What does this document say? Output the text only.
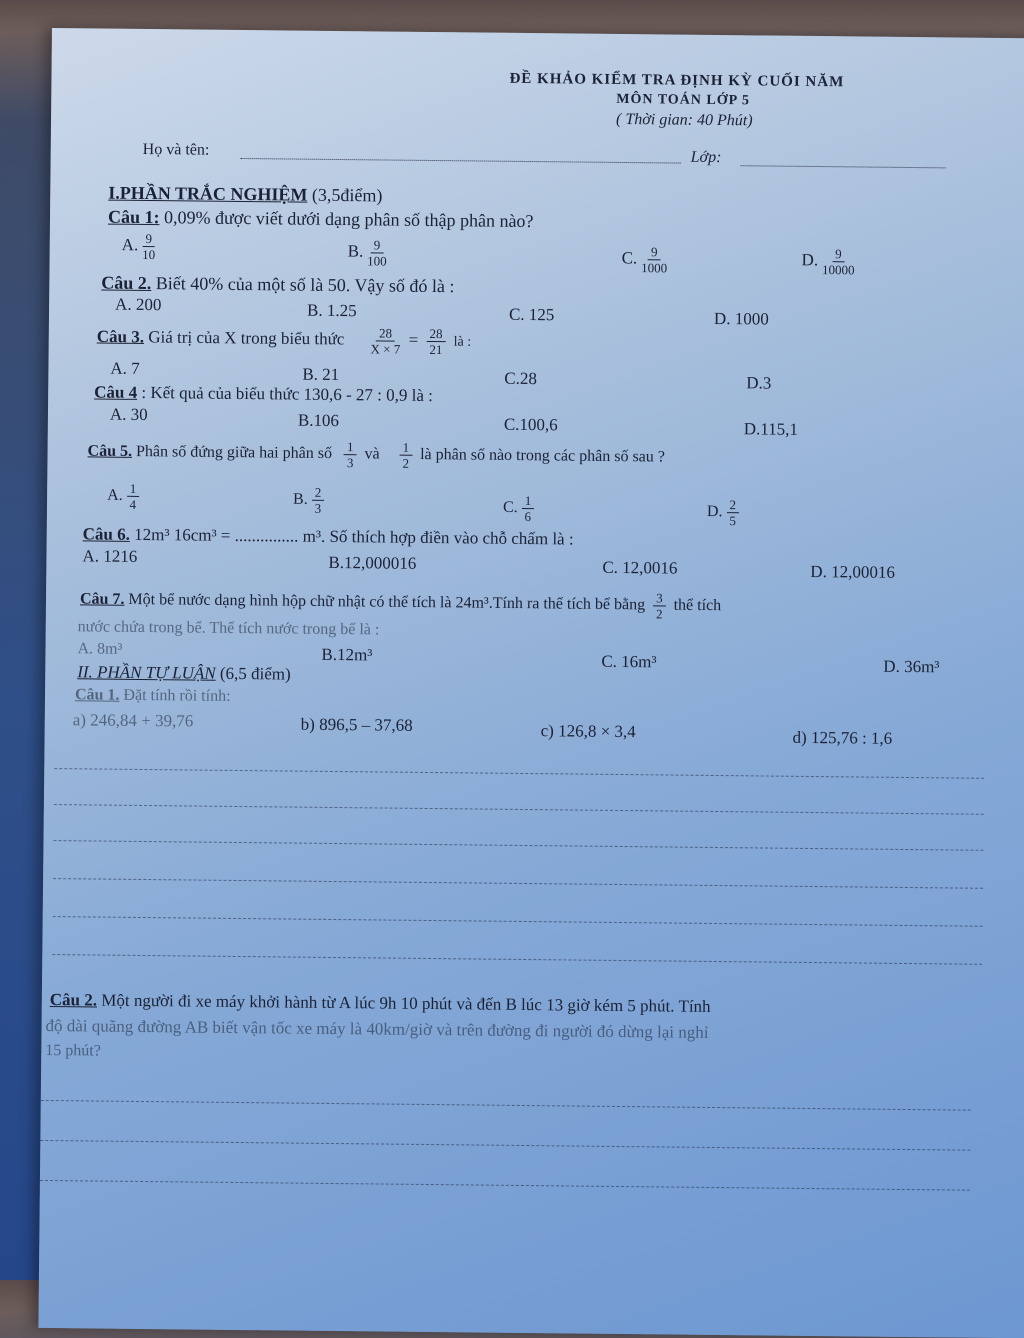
ĐỀ KHẢO KIỂM TRA ĐỊNH KỲ CUỐI NĂM
MÔN TOÁN LỚP 5
( Thời gian: 40 Phút)
Họ và tên:	Lớp:
I.PHẦN TRẮC NGHIỆM (3,5điểm)
Câu 1: 0,09% được viết dưới dạng phân số thập phân nào?
A. $\frac{9}{10}$	B. $\frac{9}{100}$	C. $\frac{9}{1000}$	D. $\frac{9}{10000}$
Câu 2. Biết 40% của một số là 50. Vậy số đó là :
A. 200	B. 1.25	C. 125	D. 1000
Câu 3. Giá trị của X trong biểu thức $\frac{28}{X \times 7} = \frac{28}{21}$ là :
A. 7	B. 21	C.28	D.3
Câu 4 : Kết quả của biểu thức 130,6 - 27 : 0,9 là :
A. 30	B.106	C.100,6	D.115,1
Câu 5. Phân số đứng giữa hai phân số $\frac{1}{3}$ và $\frac{1}{2}$ là phân số nào trong các phân số sau ?
A. $\frac{1}{4}$	B. $\frac{2}{3}$	C. $\frac{1}{6}$	D. $\frac{2}{5}$
Câu 6. 12m³ 16cm³ = ............... m³. Số thích hợp điền vào chỗ chấm là :
A. 1216	B.12,000016	C. 12,0016	D. 12,00016
Câu 7. Một bể nước dạng hình hộp chữ nhật có thể tích là 24m³.Tính ra thể tích bể bằng $\frac{3}{2}$ thể tích
nước chứa trong bể. Thể tích nước trong bể là :
A. 8m³	B.12m³	C. 16m³	D. 36m³
II. PHẦN TỰ LUẬN (6,5 điểm)
Câu 1. Đặt tính rồi tính:
a) 246,84 + 39,76	b) 896,5 – 37,68	c) 126,8 × 3,4	d) 125,76 : 1,6
Câu 2. Một người đi xe máy khởi hành từ A lúc 9h 10 phút và đến B lúc 13 giờ kém 5 phút. Tính
độ dài quãng đường AB biết vận tốc xe máy là 40km/giờ và trên đường đi người đó dừng lại nghỉ
15 phút?
